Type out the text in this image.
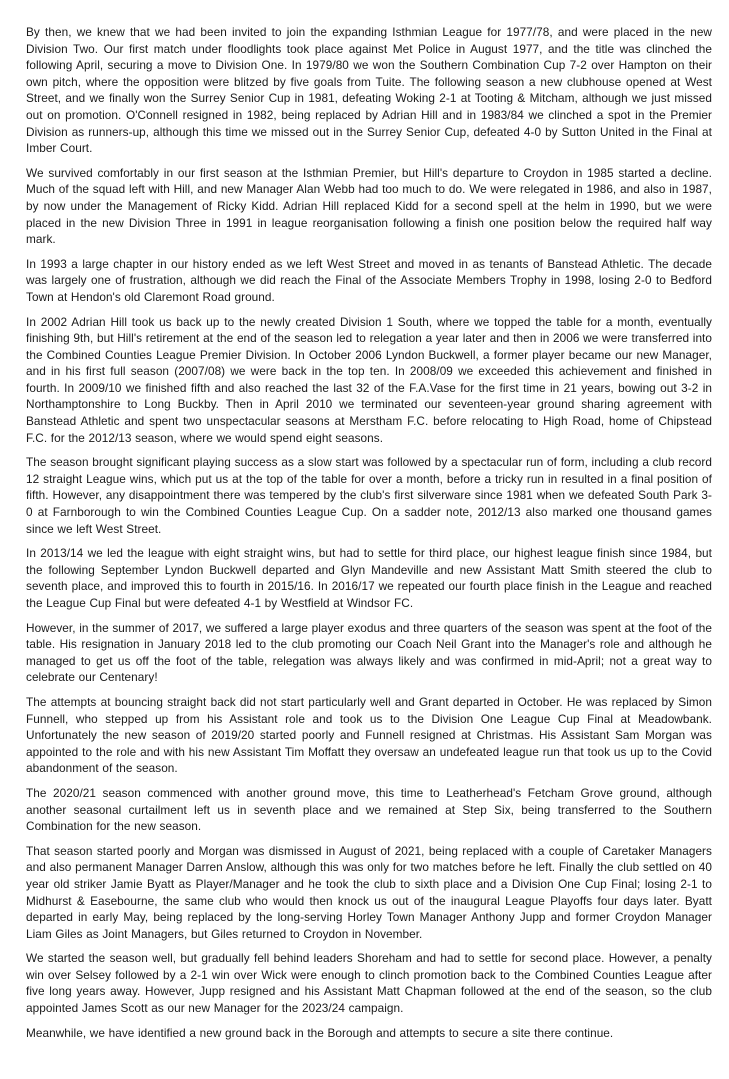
By then, we knew that we had been invited to join the expanding Isthmian League for 1977/78, and were placed in the new Division Two. Our first match under floodlights took place against Met Police in August 1977, and the title was clinched the following April, securing a move to Division One. In 1979/80 we won the Southern Combination Cup 7-2 over Hampton on their own pitch, where the opposition were blitzed by five goals from Tuite. The following season a new clubhouse opened at West Street, and we finally won the Surrey Senior Cup in 1981, defeating Woking 2-1 at Tooting & Mitcham, although we just missed out on promotion. O'Connell resigned in 1982, being replaced by Adrian Hill and in 1983/84 we clinched a spot in the Premier Division as runners-up, although this time we missed out in the Surrey Senior Cup, defeated 4-0 by Sutton United in the Final at Imber Court.

We survived comfortably in our first season at the Isthmian Premier, but Hill's departure to Croydon in 1985 started a decline. Much of the squad left with Hill, and new Manager Alan Webb had too much to do. We were relegated in 1986, and also in 1987, by now under the Management of Ricky Kidd. Adrian Hill replaced Kidd for a second spell at the helm in 1990, but we were placed in the new Division Three in 1991 in league reorganisation following a finish one position below the required half way mark.

In 1993 a large chapter in our history ended as we left West Street and moved in as tenants of Banstead Athletic. The decade was largely one of frustration, although we did reach the Final of the Associate Members Trophy in 1998, losing 2-0 to Bedford Town at Hendon's old Claremont Road ground.

In 2002 Adrian Hill took us back up to the newly created Division 1 South, where we topped the table for a month, eventually finishing 9th, but Hill's retirement at the end of the season led to relegation a year later and then in 2006 we were transferred into the Combined Counties League Premier Division. In October 2006 Lyndon Buckwell, a former player became our new Manager, and in his first full season (2007/08) we were back in the top ten. In 2008/09 we exceeded this achievement and finished in fourth. In 2009/10 we finished fifth and also reached the last 32 of the F.A.Vase for the first time in 21 years, bowing out 3-2 in Northamptonshire to Long Buckby. Then in April 2010 we terminated our seventeen-year ground sharing agreement with Banstead Athletic and spent two unspectacular seasons at Merstham F.C. before relocating to High Road, home of Chipstead F.C. for the 2012/13 season, where we would spend eight seasons.

The season brought significant playing success as a slow start was followed by a spectacular run of form, including a club record 12 straight League wins, which put us at the top of the table for over a month, before a tricky run in resulted in a final position of fifth. However, any disappointment there was tempered by the club's first silverware since 1981 when we defeated South Park 3-0 at Farnborough to win the Combined Counties League Cup. On a sadder note, 2012/13 also marked one thousand games since we left West Street.

In 2013/14 we led the league with eight straight wins, but had to settle for third place, our highest league finish since 1984, but the following September Lyndon Buckwell departed and Glyn Mandeville and new Assistant Matt Smith steered the club to seventh place, and improved this to fourth in 2015/16. In 2016/17 we repeated our fourth place finish in the League and reached the League Cup Final but were defeated 4-1 by Westfield at Windsor FC.

However, in the summer of 2017, we suffered a large player exodus and three quarters of the season was spent at the foot of the table. His resignation in January 2018 led to the club promoting our Coach Neil Grant into the Manager's role and although he managed to get us off the foot of the table, relegation was always likely and was confirmed in mid-April; not a great way to celebrate our Centenary!

The attempts at bouncing straight back did not start particularly well and Grant departed in October. He was replaced by Simon Funnell, who stepped up from his Assistant role and took us to the Division One League Cup Final at Meadowbank. Unfortunately the new season of 2019/20 started poorly and Funnell resigned at Christmas. His Assistant Sam Morgan was appointed to the role and with his new Assistant Tim Moffatt they oversaw an undefeated league run that took us up to the Covid abandonment of the season.

The 2020/21 season commenced with another ground move, this time to Leatherhead's Fetcham Grove ground, although another seasonal curtailment left us in seventh place and we remained at Step Six, being transferred to the Southern Combination for the new season.

That season started poorly and Morgan was dismissed in August of 2021, being replaced with a couple of Caretaker Managers and also permanent Manager Darren Anslow, although this was only for two matches before he left. Finally the club settled on 40 year old striker Jamie Byatt as Player/Manager and he took the club to sixth place and a Division One Cup Final; losing 2-1 to Midhurst & Easebourne, the same club who would then knock us out of the inaugural League Playoffs four days later. Byatt departed in early May, being replaced by the long-serving Horley Town Manager Anthony Jupp and former Croydon Manager Liam Giles as Joint Managers, but Giles returned to Croydon in November.

We started the season well, but gradually fell behind leaders Shoreham and had to settle for second place. However, a penalty win over Selsey followed by a 2-1 win over Wick were enough to clinch promotion back to the Combined Counties League after five long years away. However, Jupp resigned and his Assistant Matt Chapman followed at the end of the season, so the club appointed James Scott as our new Manager for the 2023/24 campaign.

Meanwhile, we have identified a new ground back in the Borough and attempts to secure a site there continue.
